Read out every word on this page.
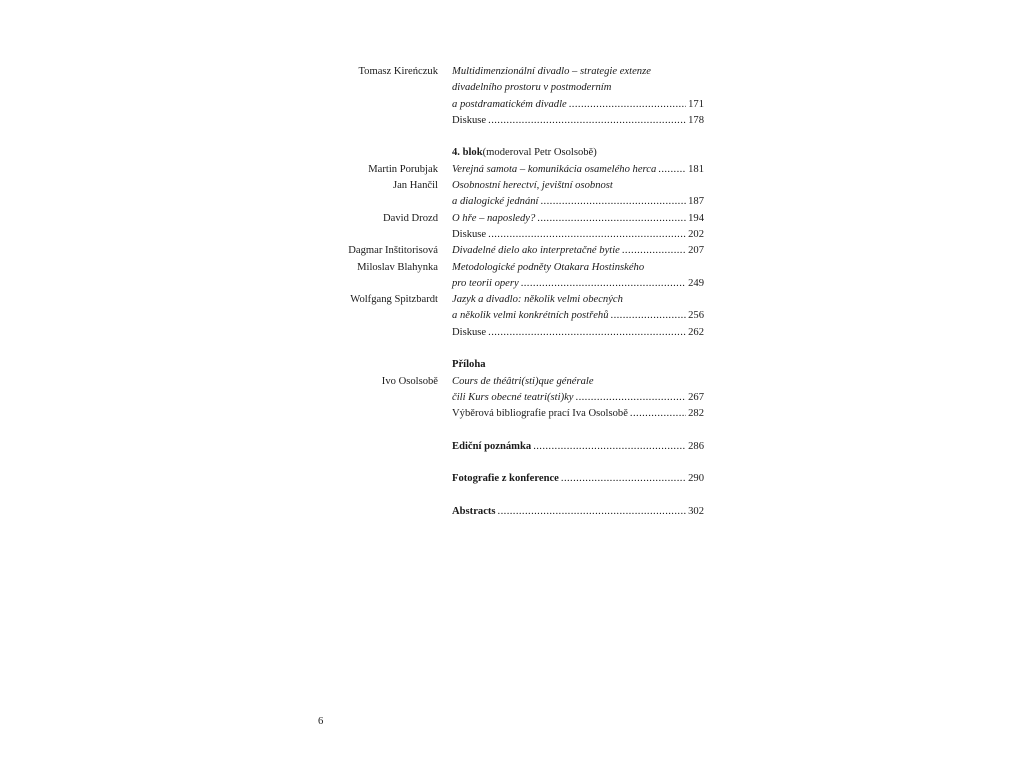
Tomasz Kireńczuk Multidimenzionální divadlo – strategie extenze
divadelního prostoru v postmoderním
a postdramatickém divadle .....	171
Diskuse .....	178
4. blok (moderoval Petr Osolsobě)
Martin Porubjak Verejná samota – komunikácia osamelého herca .....	181
Jan Hančil Osobnostní herectví, jevištní osobnost
a dialogické jednání .....	187
David Drozd O hře – naposledy? .....	194
Diskuse .....	202
Dagmar Inštitorisová Divadelné dielo ako interpretačné bytie .....	207
Miloslav Blahynka Metodologické podněty Otakara Hostinského
pro teorii opery .....	249
Wolfgang Spitzbardt Jazyk a divadlo: několik velmi obecných
a několik velmi konkrétních postřehů .....	256
Diskuse .....	262
Příloha
Ivo Osolsobě Cours de théâtri(sti)que générale
čili Kurs obecné teatri(sti)ky .....	267
Výběrová bibliografie prací Iva Osolsobě .....	282
Ediční poznámka .....	286
Fotografie z konference .....	290
Abstracts .....	302
6
